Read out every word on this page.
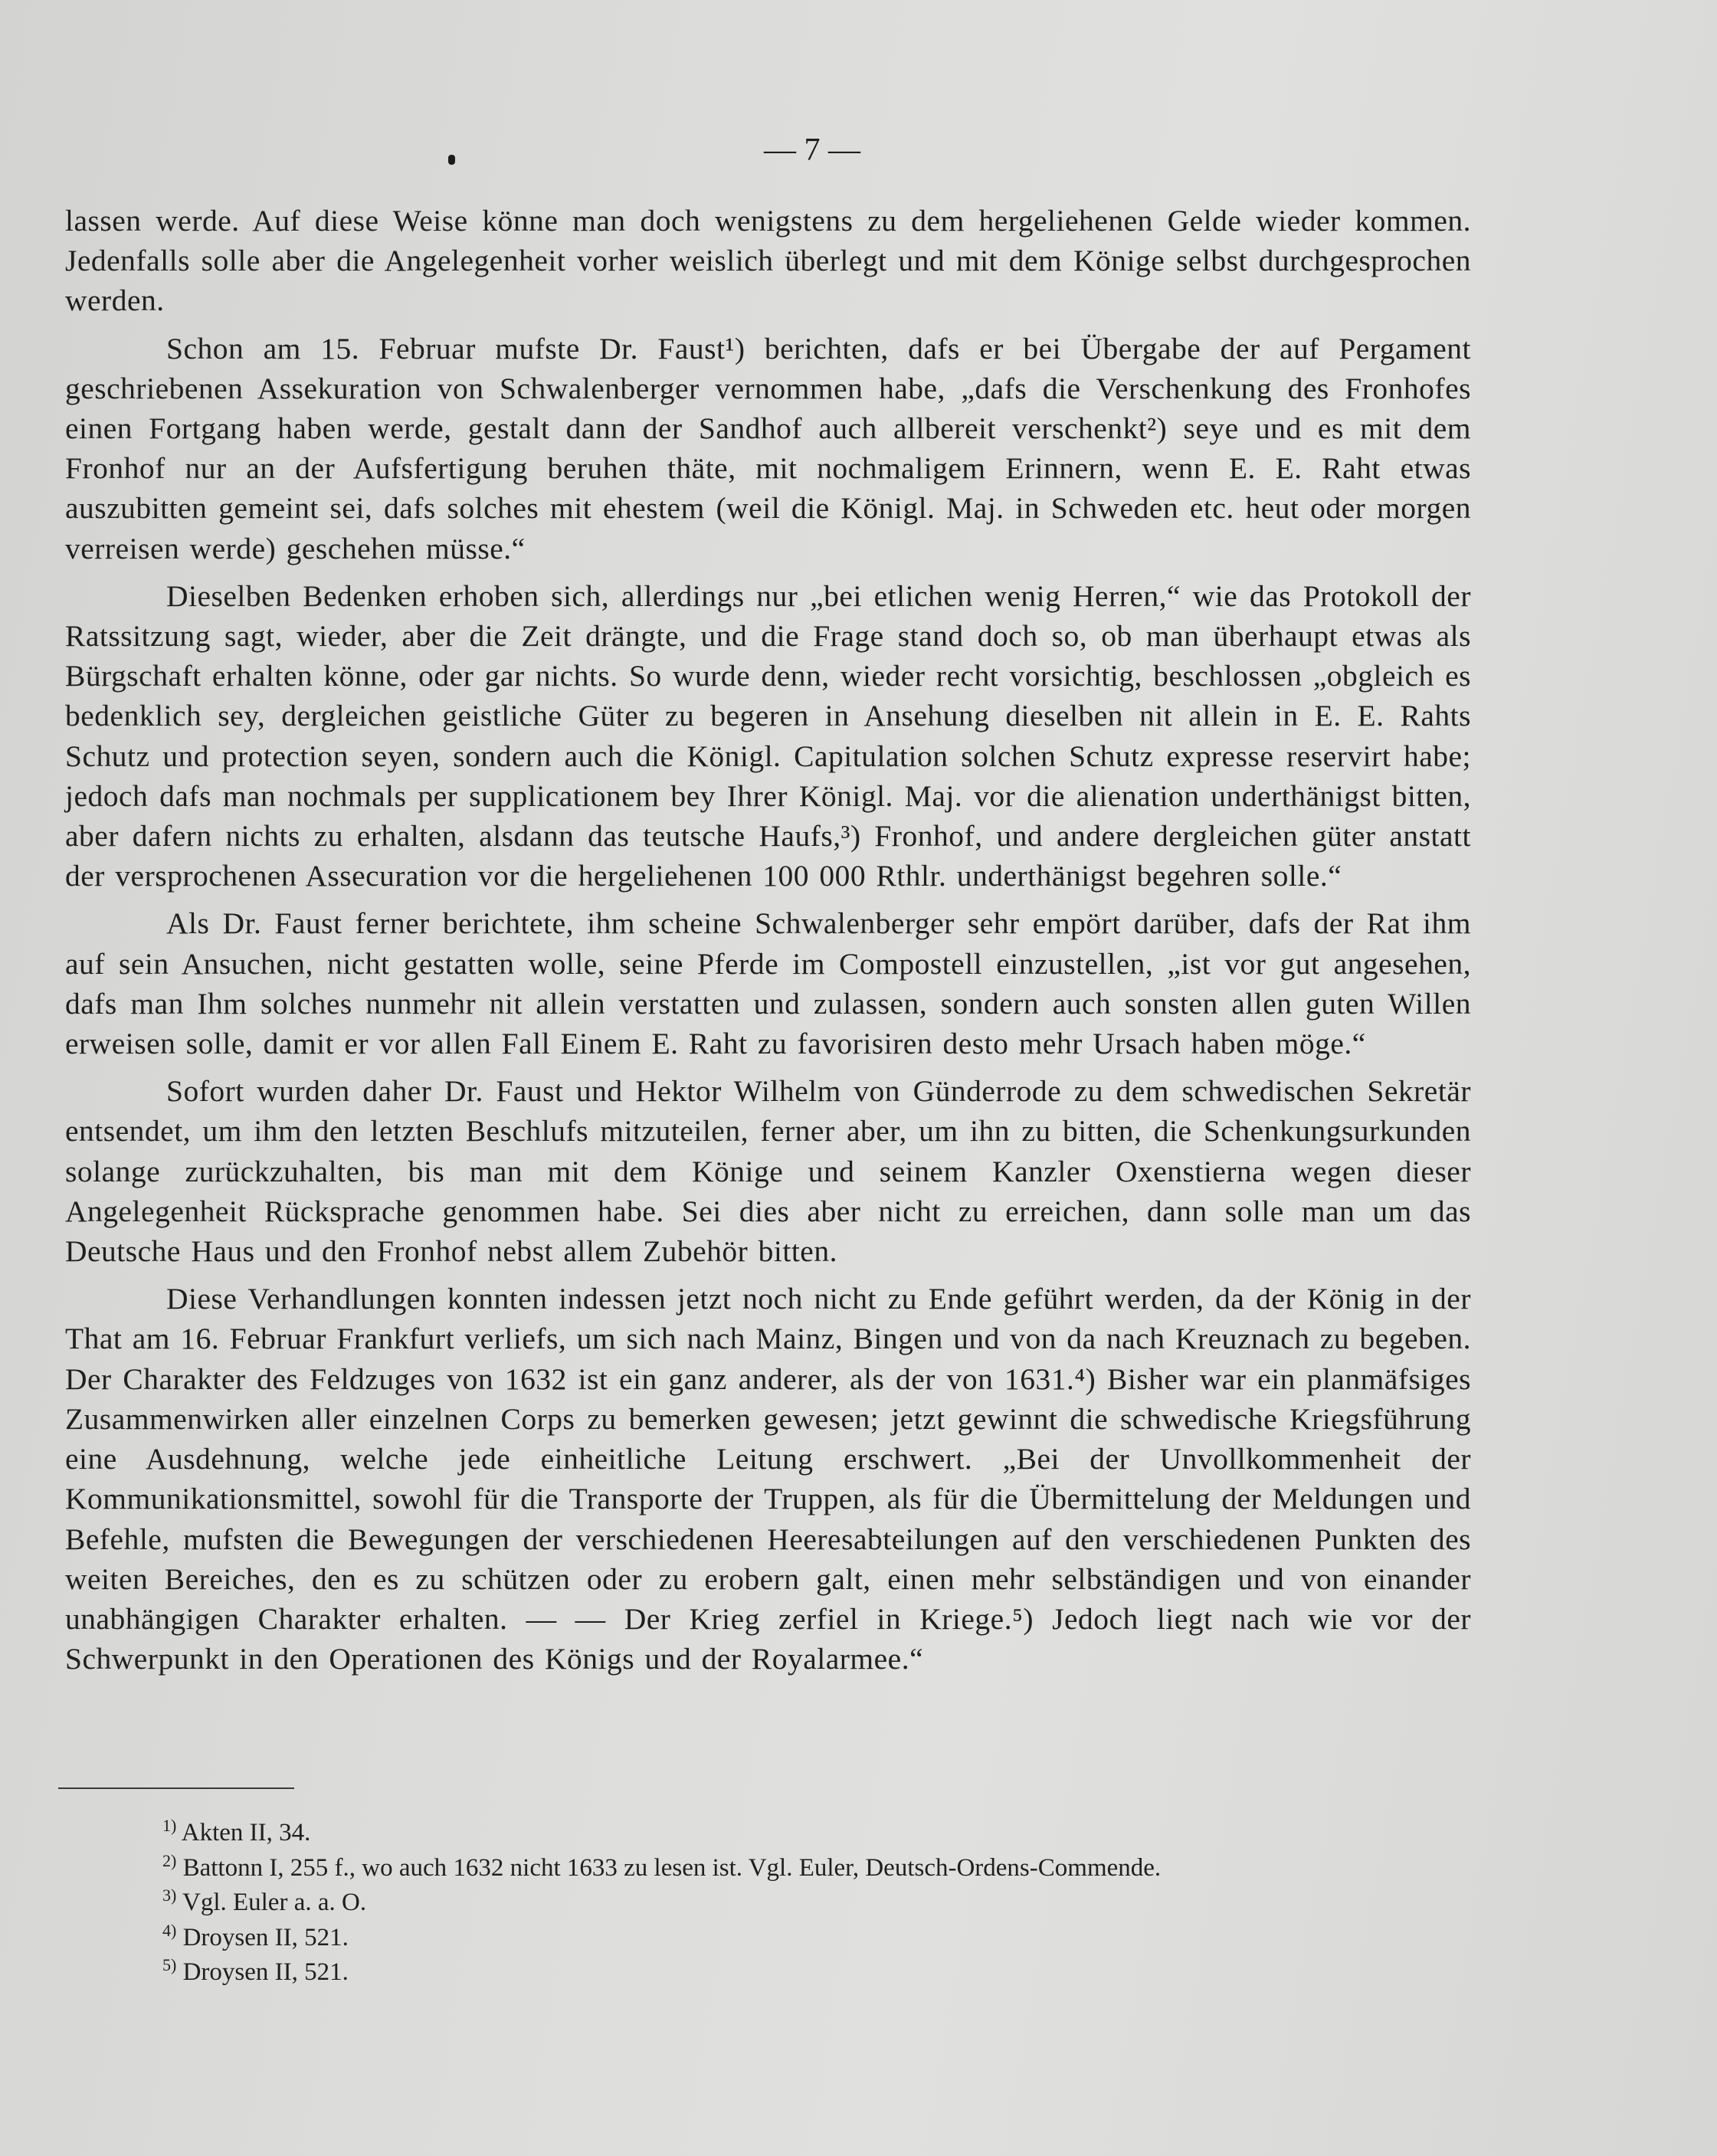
— 7 —

lassen werde. Auf diese Weise könne man doch wenigstens zu dem hergeliehenen Gelde wieder kommen. Jedenfalls solle aber die Angelegenheit vorher weislich überlegt und mit dem Könige selbst durchgesprochen werden.

Schon am 15. Februar mufste Dr. Faust¹) berichten, dafs er bei Übergabe der auf Pergament geschriebenen Assekuration von Schwalenberger vernommen habe, „dafs die Verschenkung des Fronhofes einen Fortgang haben werde, gestalt dann der Sandhof auch allbereit verschenkt²) seye und es mit dem Fronhof nur an der Aufsfertigung beruhen thäte, mit nochmaligem Erinnern, wenn E. E. Raht etwas auszubitten gemeint sei, dafs solches mit ehestem (weil die Königl. Maj. in Schweden etc. heut oder morgen verreisen werde) geschehen müsse.“

Dieselben Bedenken erhoben sich, allerdings nur „bei etlichen wenig Herren,“ wie das Protokoll der Ratssitzung sagt, wieder, aber die Zeit drängte, und die Frage stand doch so, ob man überhaupt etwas als Bürgschaft erhalten könne, oder gar nichts. So wurde denn, wieder recht vorsichtig, beschlossen „obgleich es bedenklich sey, dergleichen geistliche Güter zu begeren in Ansehung dieselben nit allein in E. E. Rahts Schutz und protection seyen, sondern auch die Königl. Capitulation solchen Schutz expresse reservirt habe; jedoch dafs man nochmals per supplicationem bey Ihrer Königl. Maj. vor die alienation underthänigst bitten, aber dafern nichts zu erhalten, alsdann das teutsche Haufs,³) Fronhof, und andere dergleichen güter anstatt der versprochenen Assecuration vor die hergeliehenen 100 000 Rthlr. underthänigst begehren solle.“

Als Dr. Faust ferner berichtete, ihm scheine Schwalenberger sehr empört darüber, dafs der Rat ihm auf sein Ansuchen, nicht gestatten wolle, seine Pferde im Compostell einzustellen, „ist vor gut angesehen, dafs man Ihm solches nunmehr nit allein verstatten und zulassen, sondern auch sonsten allen guten Willen erweisen solle, damit er vor allen Fall Einem E. Raht zu favorisiren desto mehr Ursach haben möge.“

Sofort wurden daher Dr. Faust und Hektor Wilhelm von Günderrode zu dem schwedischen Sekretär entsendet, um ihm den letzten Beschlufs mitzuteilen, ferner aber, um ihn zu bitten, die Schenkungsurkunden solange zurückzuhalten, bis man mit dem Könige und seinem Kanzler Oxenstierna wegen dieser Angelegenheit Rücksprache genommen habe. Sei dies aber nicht zu erreichen, dann solle man um das Deutsche Haus und den Fronhof nebst allem Zubehör bitten.

Diese Verhandlungen konnten indessen jetzt noch nicht zu Ende geführt werden, da der König in der That am 16. Februar Frankfurt verliefs, um sich nach Mainz, Bingen und von da nach Kreuznach zu begeben. Der Charakter des Feldzuges von 1632 ist ein ganz anderer, als der von 1631.⁴) Bisher war ein planmäfsiges Zusammenwirken aller einzelnen Corps zu bemerken gewesen; jetzt gewinnt die schwedische Kriegsführung eine Ausdehnung, welche jede einheitliche Leitung erschwert. „Bei der Unvollkommenheit der Kommunikationsmittel, sowohl für die Transporte der Truppen, als für die Übermittelung der Meldungen und Befehle, mufsten die Bewegungen der verschiedenen Heeresabteilungen auf den verschiedenen Punkten des weiten Bereiches, den es zu schützen oder zu erobern galt, einen mehr selbständigen und von einander unabhängigen Charakter erhalten. — — Der Krieg zerfiel in Kriege.⁵) Jedoch liegt nach wie vor der Schwerpunkt in den Operationen des Königs und der Royalarmee.“

$^{1)}$ Akten II, 34.
$^{2)}$ Battonn I, 255 f., wo auch 1632 nicht 1633 zu lesen ist. Vgl. Euler, Deutsch-Ordens-Commende.
$^{3)}$ Vgl. Euler a. a. O.
$^{4)}$ Droysen II, 521.
$^{5)}$ Droysen II, 521.
